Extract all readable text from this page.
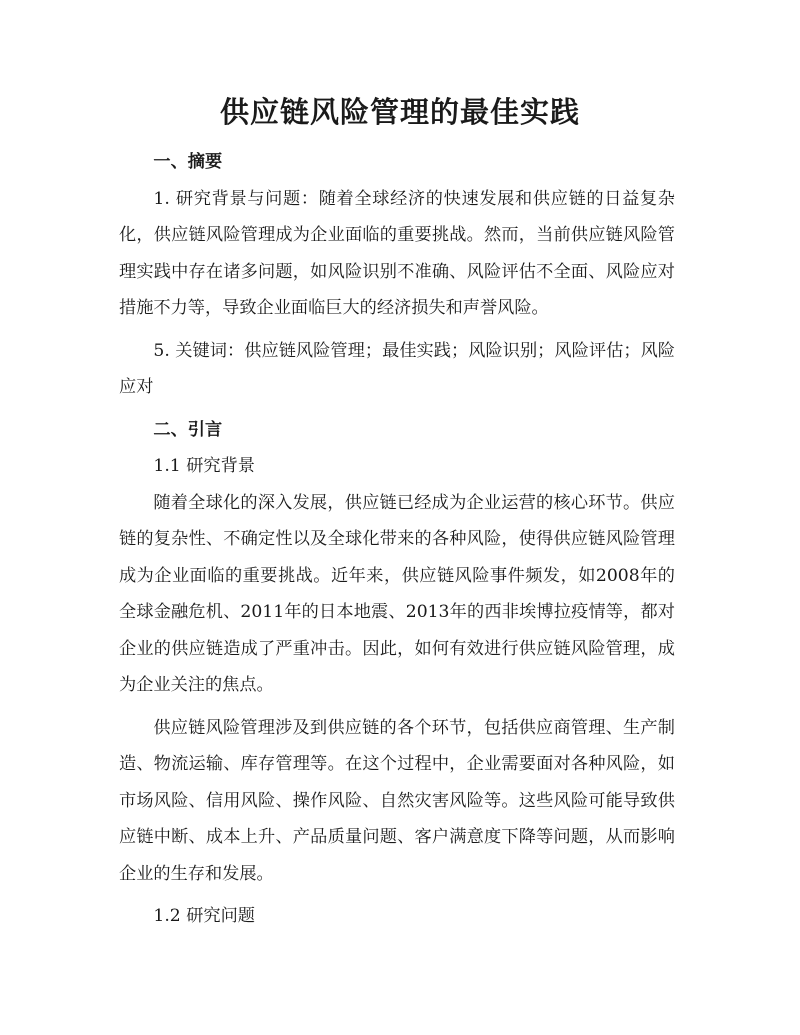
供应链风险管理的最佳实践
一、摘要

1. 研究背景与问题：随着全球经济的快速发展和供应链的日益复杂化，供应链风险管理成为企业面临的重要挑战。然而，当前供应链风险管理实践中存在诸多问题，如风险识别不准确、风险评估不全面、风险应对措施不力等，导致企业面临巨大的经济损失和声誉风险。

5. 关键词：供应链风险管理；最佳实践；风险识别；风险评估；风险应对

二、引言
1.1 研究背景

随着全球化的深入发展，供应链已经成为企业运营的核心环节。供应链的复杂性、不确定性以及全球化带来的各种风险，使得供应链风险管理成为企业面临的重要挑战。近年来，供应链风险事件频发，如2008年的全球金融危机、2011年的日本地震、2013年的西非埃博拉疫情等，都对企业的供应链造成了严重冲击。因此，如何有效进行供应链风险管理，成为企业关注的焦点。

供应链风险管理涉及到供应链的各个环节，包括供应商管理、生产制造、物流运输、库存管理等。在这个过程中，企业需要面对各种风险，如市场风险、信用风险、操作风险、自然灾害风险等。这些风险可能导致供应链中断、成本上升、产品质量问题、客户满意度下降等问题，从而影响企业的生存和发展。

1.2 研究问题
